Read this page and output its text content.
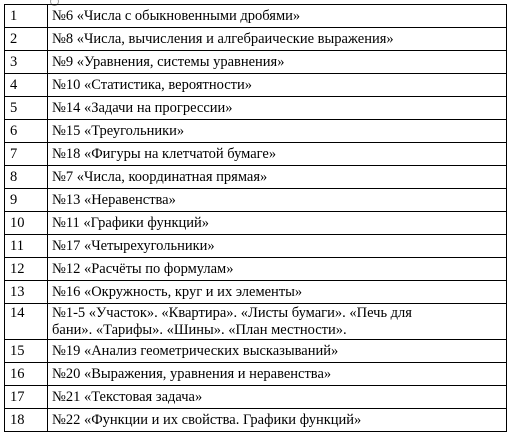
1	№6 «Числа с обыкновенными дробями»
2	№8 «Числа, вычисления и алгебраические выражения»
3	№9 «Уравнения, системы уравнения»
4	№10 «Статистика, вероятности»
5	№14 «Задачи на прогрессии»
6	№15 «Треугольники»
7	№18 «Фигуры на клетчатой бумаге»
8	№7 «Числа, координатная прямая»
9	№13 «Неравенства»
10	№11 «Графики функций»
11	№17 «Четырехугольники»
12	№12 «Расчёты по формулам»
13	№16 «Окружность, круг и их элементы»
14	№1-5 «Участок». «Квартира». «Листы бумаги». «Печь для бани». «Тарифы». «Шины». «План местности».
15	№19 «Анализ геометрических высказываний»
16	№20 «Выражения, уравнения и неравенства»
17	№21 «Текстовая задача»
18	№22 «Функции и их свойства. Графики функций»
